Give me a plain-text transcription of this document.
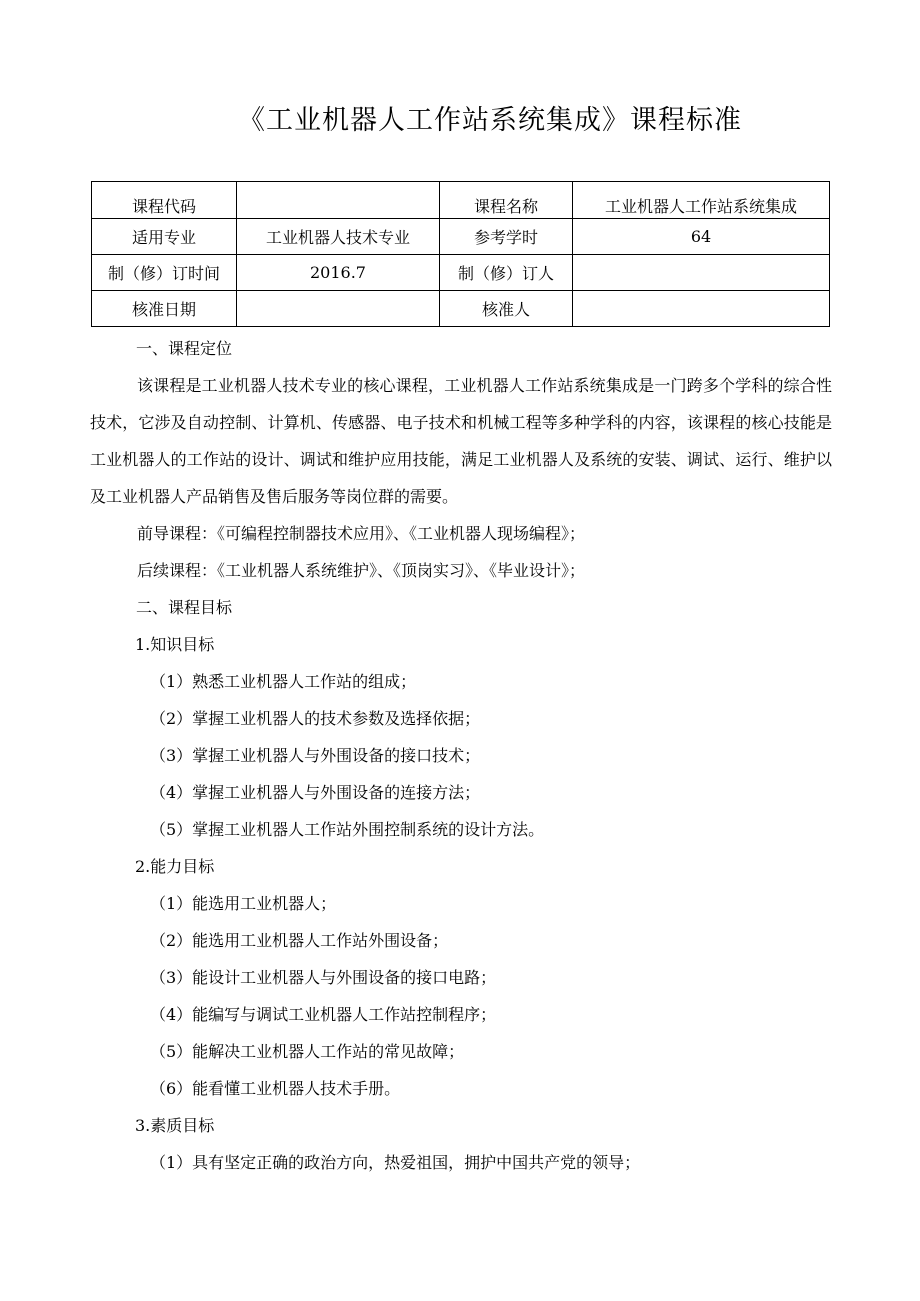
《工业机器人工作站系统集成》课程标准
课程代码		课程名称	工业机器人工作站系统集成
适用专业	工业机器人技术专业	参考学时	64
制（修）订时间	2016.7	制（修）订人	
核准日期		核准人	

一、课程定位

该课程是工业机器人技术专业的核心课程，工业机器人工作站系统集成是一门跨多个学科的综合性技术，它涉及自动控制、计算机、传感器、电子技术和机械工程等多种学科的内容，该课程的核心技能是工业机器人的工作站的设计、调试和维护应用技能，满足工业机器人及系统的安装、调试、运行、维护以及工业机器人产品销售及售后服务等岗位群的需要。

前导课程：《可编程控制器技术应用》、《工业机器人现场编程》；

后续课程：《工业机器人系统维护》、《顶岗实习》、《毕业设计》；

二、课程目标

1.知识目标

（1）熟悉工业机器人工作站的组成；

（2）掌握工业机器人的技术参数及选择依据；

（3）掌握工业机器人与外围设备的接口技术；

（4）掌握工业机器人与外围设备的连接方法；

（5）掌握工业机器人工作站外围控制系统的设计方法。

2.能力目标

（1）能选用工业机器人；

（2）能选用工业机器人工作站外围设备；

（3）能设计工业机器人与外围设备的接口电路；

（4）能编写与调试工业机器人工作站控制程序；

（5）能解决工业机器人工作站的常见故障；

（6）能看懂工业机器人技术手册。

3.素质目标

（1）具有坚定正确的政治方向，热爱祖国，拥护中国共产党的领导；
